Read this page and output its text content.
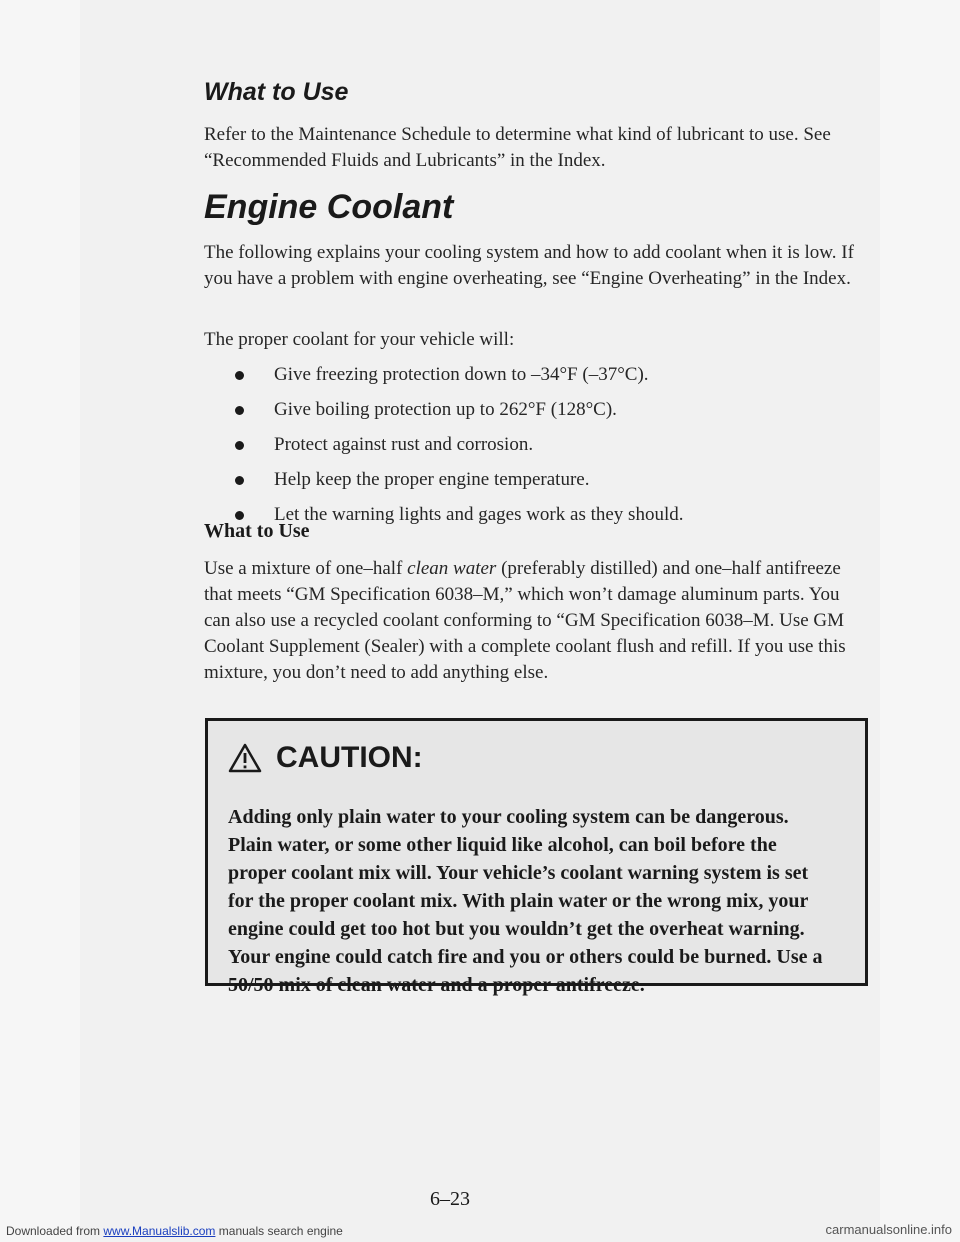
What to Use

Refer to the Maintenance Schedule to determine what kind of lubricant to use. See “Recommended Fluids and Lubricants” in the Index.

Engine Coolant

The following explains your cooling system and how to add coolant when it is low. If you have a problem with engine overheating, see “Engine Overheating” in the Index.

The proper coolant for your vehicle will:

Give freezing protection down to –34°F (–37°C).
Give boiling protection up to 262°F (128°C).
Protect against rust and corrosion.
Help keep the proper engine temperature.
Let the warning lights and gages work as they should.
What to Use

Use a mixture of one–half clean water (preferably distilled) and one–half antifreeze that meets “GM Specification 6038–M,” which won’t damage aluminum parts. You can also use a recycled coolant conforming to “GM Specification 6038–M. Use GM Coolant Supplement (Sealer) with a complete coolant flush and refill. If you use this mixture, you don’t need to add anything else.

CAUTION:

Adding only plain water to your cooling system can be dangerous. Plain water, or some other liquid like alcohol, can boil before the proper coolant mix will. Your vehicle’s coolant warning system is set for the proper coolant mix. With plain water or the wrong mix, your engine could get too hot but you wouldn’t get the overheat warning. Your engine could catch fire and you or others could be burned. Use a 50/50 mix of clean water and a proper antifreeze.

6–23
Downloaded from www.Manualslib.com manuals search engine	carmanualsonline.info
